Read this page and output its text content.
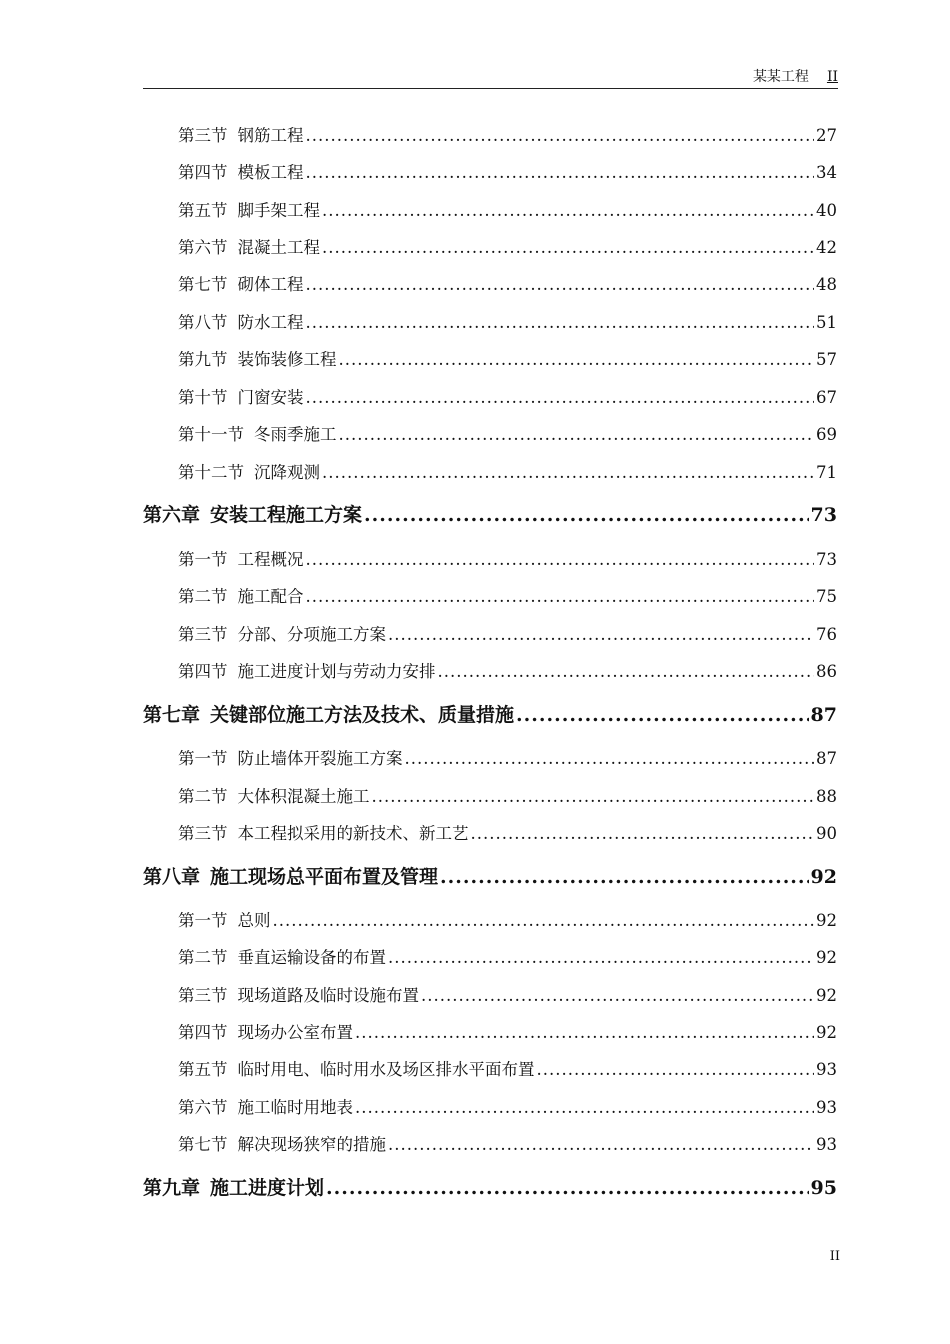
某某工程 II
第三节 钢筋工程 .....	27
第四节 模板工程 .....	34
第五节 脚手架工程 .....	40
第六节 混凝土工程 .....	42
第七节 砌体工程 .....	48
第八节 防水工程 .....	51
第九节 装饰装修工程 .....	57
第十节 门窗安装 .....	67
第十一节 冬雨季施工 .....	69
第十二节 沉降观测 .....	71
第六章 安装工程施工方案 .....	73
第一节 工程概况 .....	73
第二节 施工配合 .....	75
第三节 分部、分项施工方案 .....	76
第四节 施工进度计划与劳动力安排 .....	86
第七章 关键部位施工方法及技术、质量措施 .....	87
第一节 防止墙体开裂施工方案 .....	87
第二节 大体积混凝土施工 .....	88
第三节 本工程拟采用的新技术、新工艺 .....	90
第八章 施工现场总平面布置及管理 .....	92
第一节 总则 .....	92
第二节 垂直运输设备的布置 .....	92
第三节 现场道路及临时设施布置 .....	92
第四节 现场办公室布置 .....	92
第五节 临时用电、临时用水及场区排水平面布置 .....	93
第六节 施工临时用地表 .....	93
第七节 解决现场狭窄的措施 .....	93
第九章 施工进度计划 .....	95
II
